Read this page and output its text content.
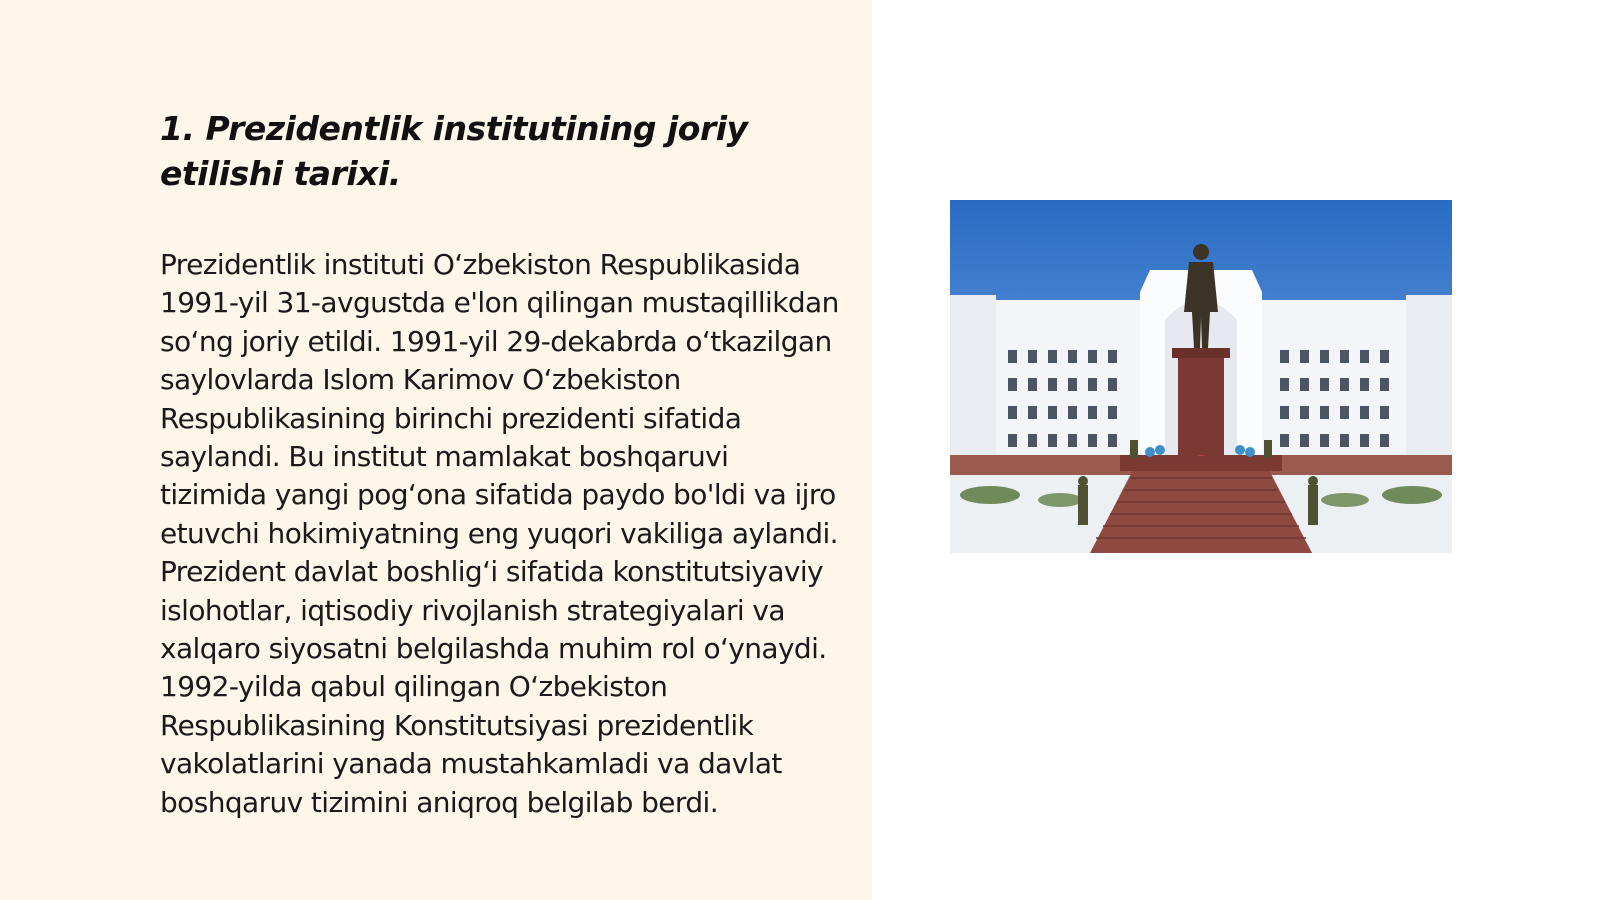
1. Prezidentlik institutining joriy etilishi tarixi.
Prezidentlik instituti O‘zbekiston Respublikasida 1991-yil 31-avgustda e'lon qilingan mustaqillikdan so‘ng joriy etildi. 1991-yil 29-dekabrda o‘tkazilgan saylovlarda Islom Karimov O‘zbekiston Respublikasining birinchi prezidenti sifatida saylandi. Bu institut mamlakat boshqaruvi tizimida yangi pog‘ona sifatida paydo bo'ldi va ijro etuvchi hokimiyatning eng yuqori vakiliga aylandi. Prezident davlat boshlig‘i sifatida konstitutsiyaviy islohotlar, iqtisodiy rivojlanish strategiyalari va xalqaro siyosatni belgilashda muhim rol o‘ynaydi. 1992-yilda qabul qilingan O‘zbekiston Respublikasining Konstitutsiyasi prezidentlik vakolatlarini yanada mustahkamladi va davlat boshqaruv tizimini aniqroq belgilab berdi.
